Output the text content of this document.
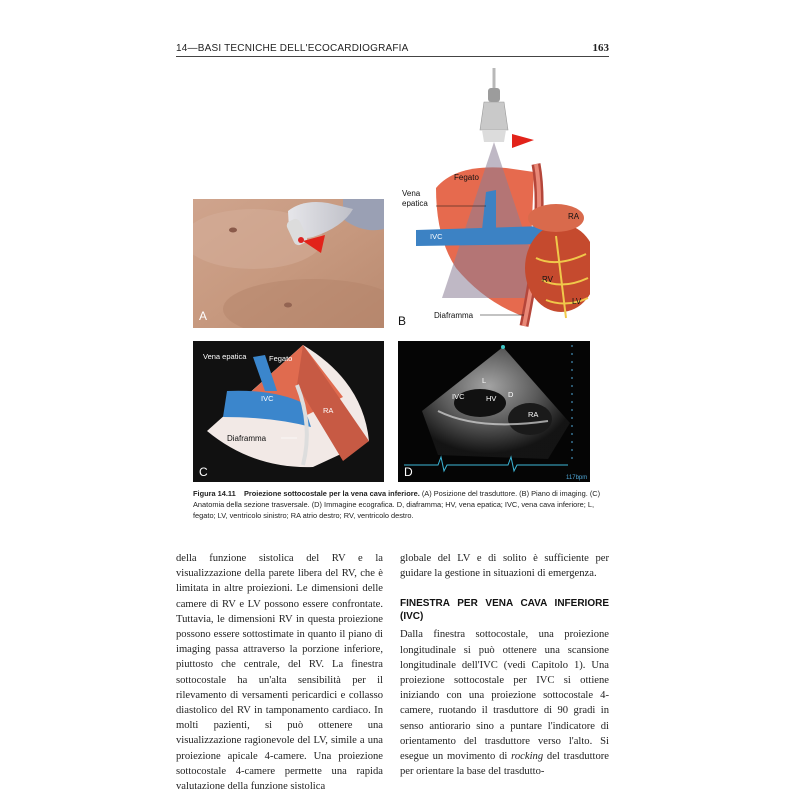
14—BASI TECNICHE DELL'ECOCARDIOGRAFIA	163
A
Fegato
Vena
epatica
IVC
RA
RV
LV
Diaframma
B
Vena epatica	Fegato
IVC
RA
Diaframma
C
L
IVC	HV D
RA
117bpm
D
Figura 14.11 Proiezione sottocostale per la vena cava inferiore. (A) Posizione del trasduttore. (B) Piano di imaging. (C) Anatomia della sezione trasversale. (D) Immagine ecografica. D, diaframma; HV, vena epatica; IVC, vena cava inferiore; L, fegato; LV, ventricolo sinistro; RA atrio destro; RV, ventricolo destro.

della funzione sistolica del RV e la visualizzazione della parete libera del RV, che è limitata in altre proiezioni. Le dimensioni delle camere di RV e LV possono essere confrontate. Tuttavia, le dimensioni RV in questa proiezione possono essere sottostimate in quanto il piano di imaging passa attraverso la porzione inferiore, piuttosto che centrale, del RV. La finestra sottocostale ha un'alta sensibilità per il rilevamento di versamenti pericardici e collasso diastolico del RV in tamponamento cardiaco. In molti pazienti, si può ottenere una visualizzazione ragionevole del LV, simile a una proiezione apicale 4-camere. Una proiezione sottocostale 4-camere permette una rapida valutazione della funzione sistolica

globale del LV e di solito è sufficiente per guidare la gestione in situazioni di emergenza.

FINESTRA PER VENA CAVA INFERIORE (IVC)

Dalla finestra sottocostale, una proiezione longitudinale si può ottenere una scansione longitudinale dell'IVC (vedi Capitolo 1). Una proiezione sottocostale per IVC si ottiene iniziando con una proiezione sottocostale 4-camere, ruotando il trasduttore di 90 gradi in senso antiorario sino a puntare l'indicatore di orientamento del trasduttore verso l'alto. Si esegue un movimento di rocking del trasduttore per orientare la base del trasdutto-
